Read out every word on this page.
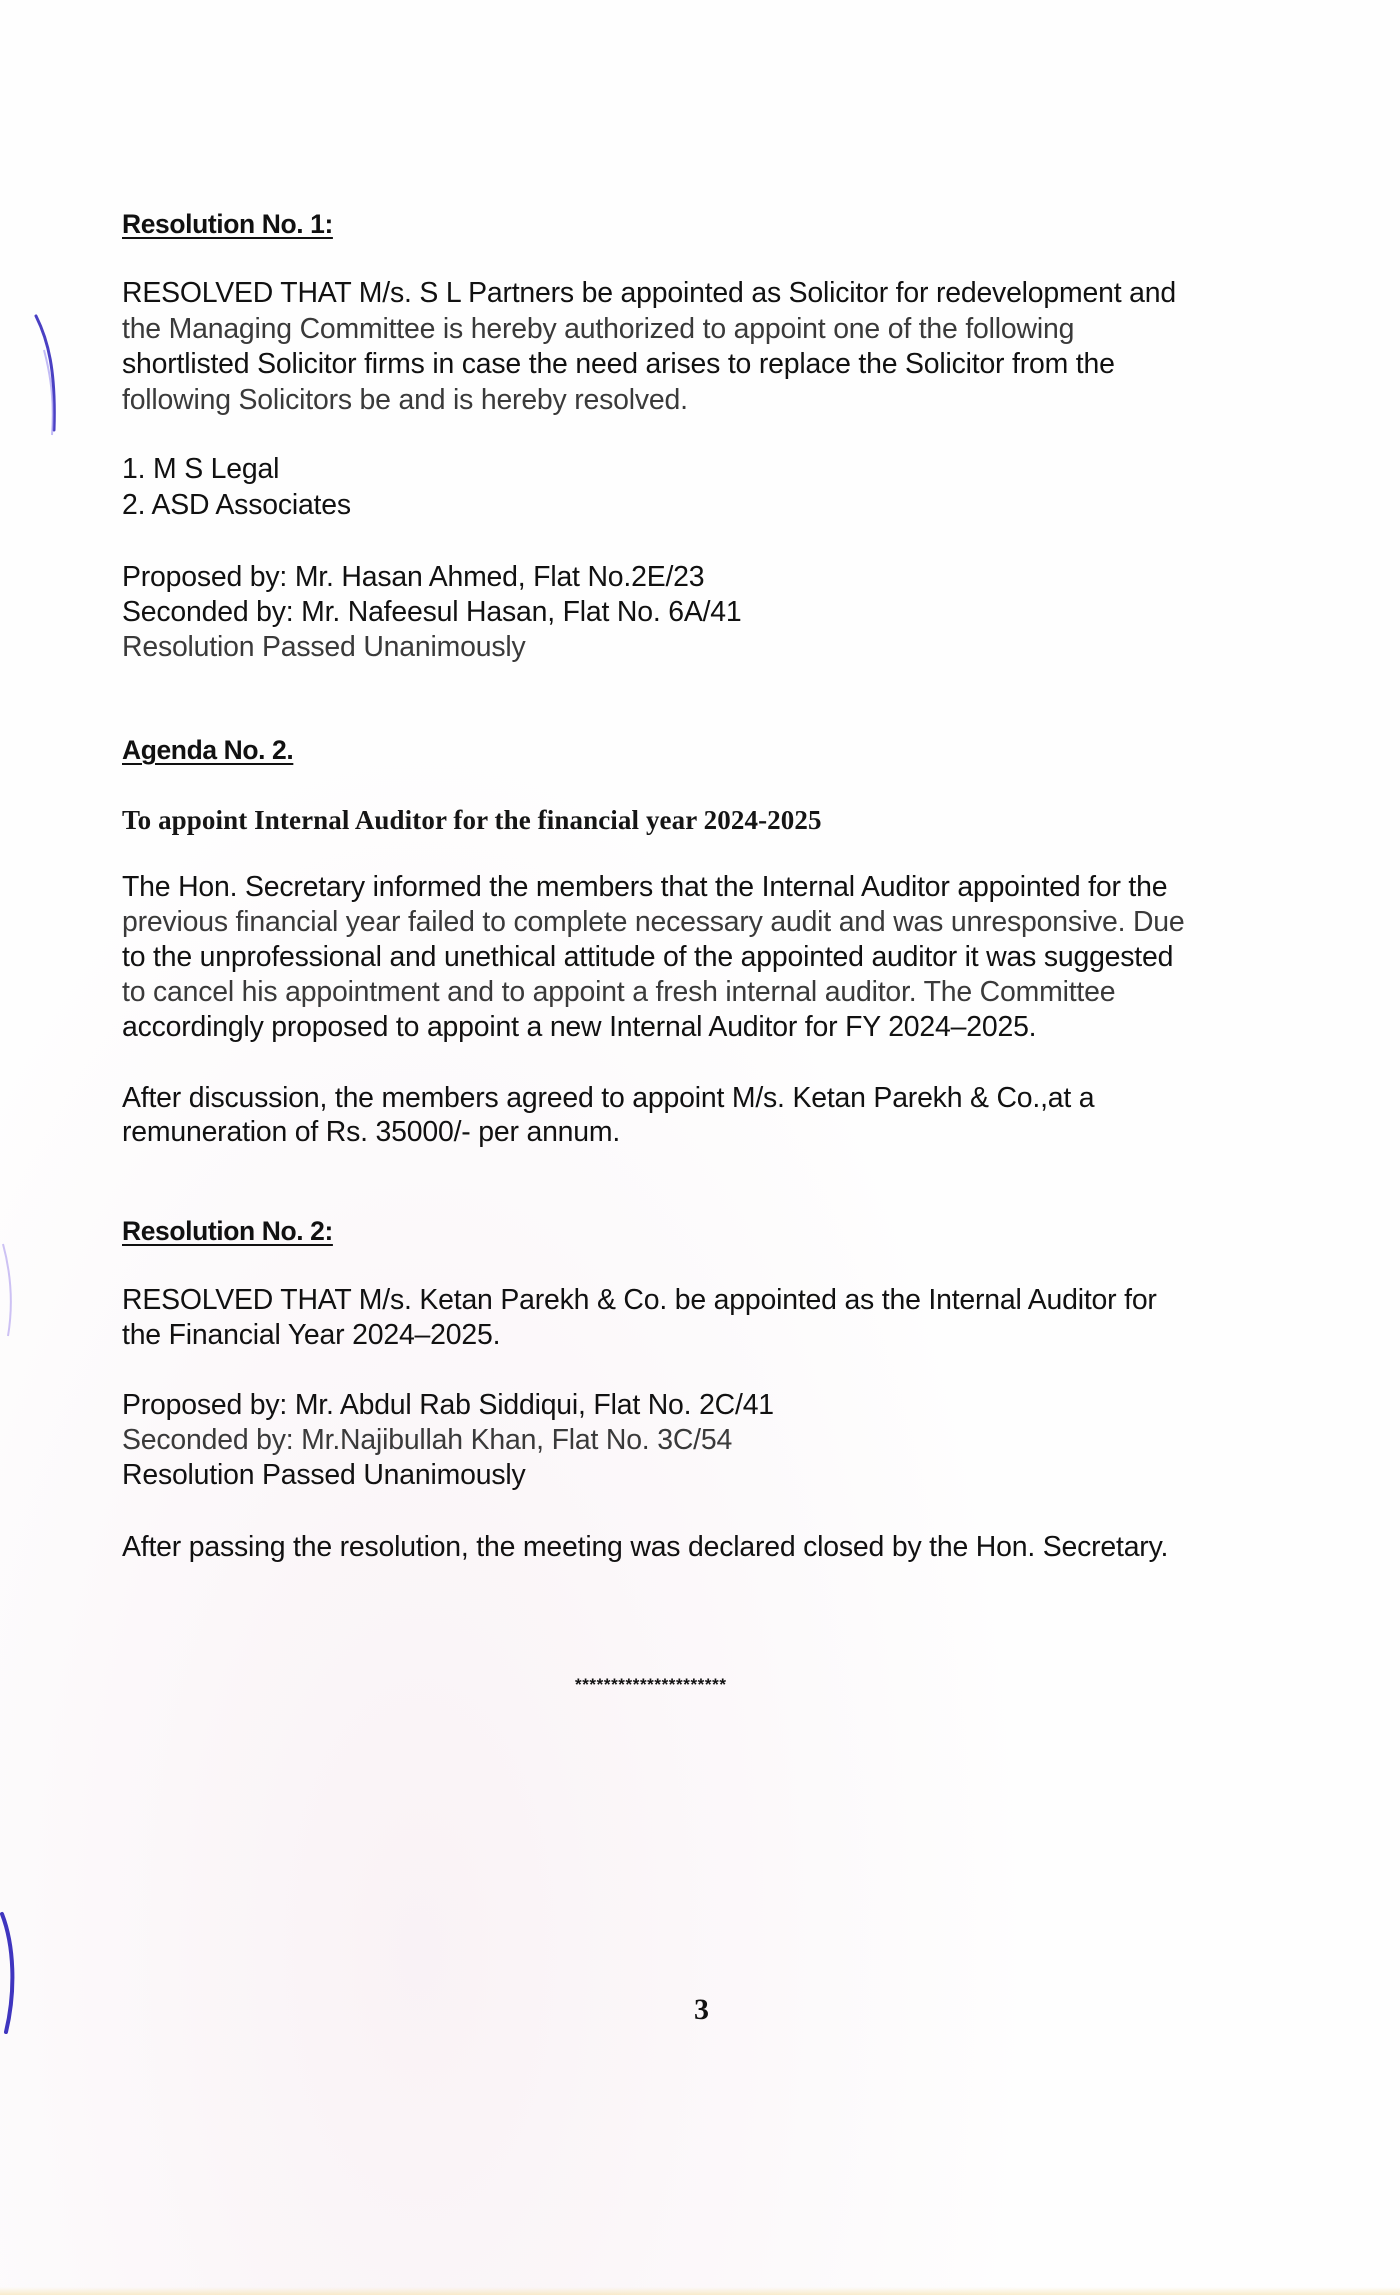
Resolution No. 1:
RESOLVED THAT M/s. S L Partners be appointed as Solicitor for redevelopment and
the Managing Committee is hereby authorized to appoint one of the following
shortlisted Solicitor firms in case the need arises to replace the Solicitor from the
following Solicitors be and is hereby resolved.
1. M S Legal
2. ASD Associates
Proposed by: Mr. Hasan Ahmed, Flat No.2E/23
Seconded by: Mr. Nafeesul Hasan, Flat No. 6A/41
Resolution Passed Unanimously
Agenda No. 2.
To appoint Internal Auditor for the financial year 2024-2025
The Hon. Secretary informed the members that the Internal Auditor appointed for the
previous financial year failed to complete necessary audit and was unresponsive. Due
to the unprofessional and unethical attitude of the appointed auditor it was suggested
to cancel his appointment and to appoint a fresh internal auditor. The Committee
accordingly proposed to appoint a new Internal Auditor for FY 2024–2025.
After discussion, the members agreed to appoint M/s. Ketan Parekh & Co.,at a
remuneration of Rs. 35000/- per annum.
Resolution No. 2:
RESOLVED THAT M/s. Ketan Parekh & Co. be appointed as the Internal Auditor for
the Financial Year 2024–2025.
Proposed by: Mr. Abdul Rab Siddiqui, Flat No. 2C/41
Seconded by: Mr.Najibullah Khan, Flat No. 3C/54
Resolution Passed Unanimously
After passing the resolution, the meeting was declared closed by the Hon. Secretary.
*********************
3
